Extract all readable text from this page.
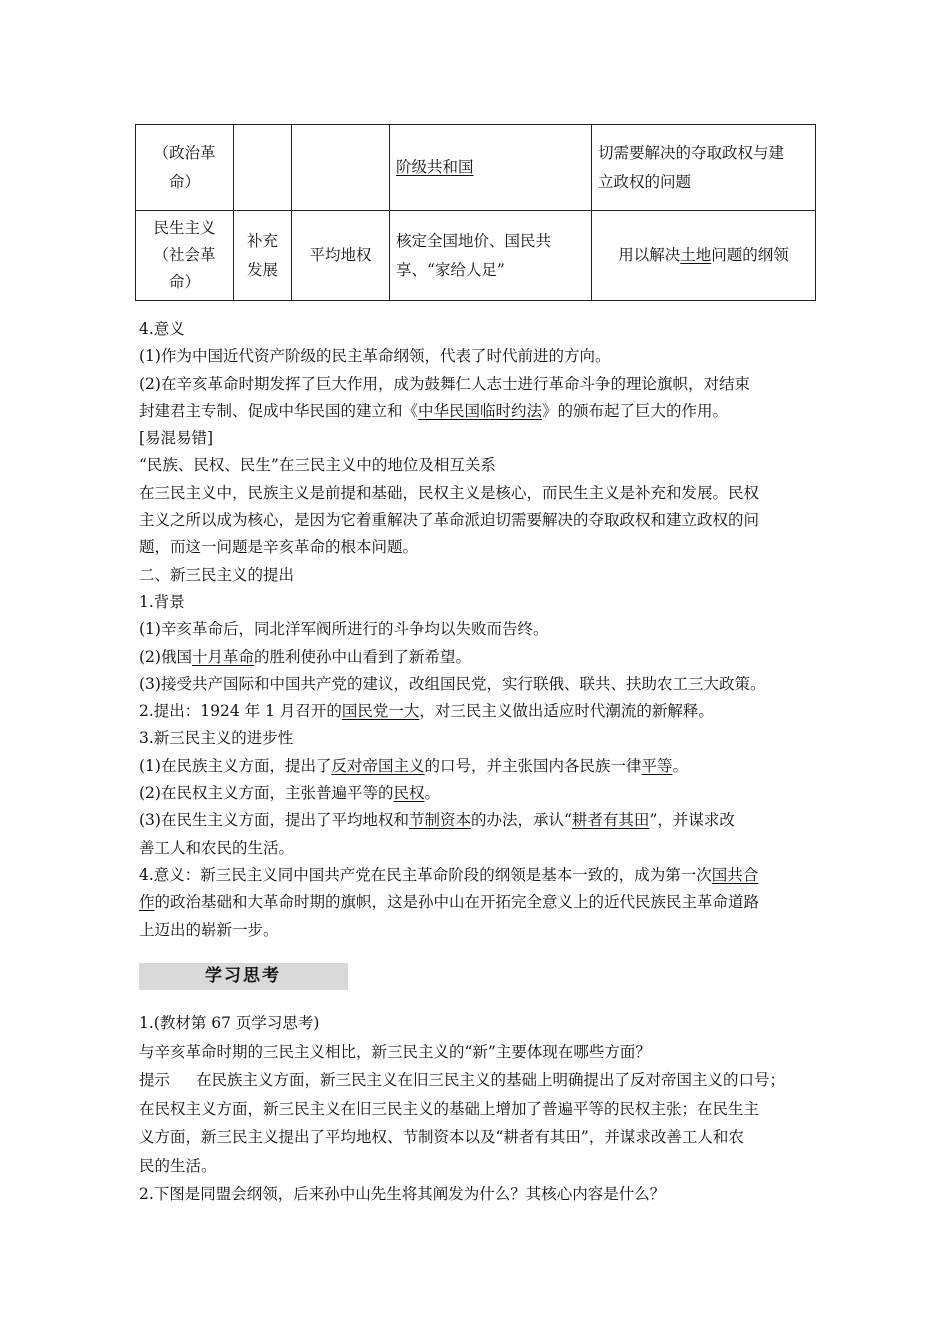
（政治革
命）			阶级共和国	切需要解决的夺取政权与建
立政权的问题
民生主义
（社会革
命）	补充
发展	平均地权	核定全国地价、国民共
享、“家给人足”	用以解决土地问题的纲领

4.意义

(1)作为中国近代资产阶级的民主革命纲领，代表了时代前进的方向。

(2)在辛亥革命时期发挥了巨大作用，成为鼓舞仁人志士进行革命斗争的理论旗帜，对结束

封建君主专制、促成中华民国的建立和《中华民国临时约法》的颁布起了巨大的作用。

[易混易错]

“民族、民权、民生”在三民主义中的地位及相互关系

在三民主义中，民族主义是前提和基础，民权主义是核心，而民生主义是补充和发展。民权

主义之所以成为核心，是因为它着重解决了革命派迫切需要解决的夺取政权和建立政权的问

题，而这一问题是辛亥革命的根本问题。

二、新三民主义的提出

1.背景

(1)辛亥革命后，同北洋军阀所进行的斗争均以失败而告终。

(2)俄国十月革命的胜利使孙中山看到了新希望。

(3)接受共产国际和中国共产党的建议，改组国民党，实行联俄、联共、扶助农工三大政策。

2.提出：1924 年 1 月召开的国民党一大，对三民主义做出适应时代潮流的新解释。

3.新三民主义的进步性

(1)在民族主义方面，提出了反对帝国主义的口号，并主张国内各民族一律平等。

(2)在民权主义方面，主张普遍平等的民权。

(3)在民生主义方面，提出了平均地权和节制资本的办法，承认“耕者有其田”，并谋求改

善工人和农民的生活。

4.意义：新三民主义同中国共产党在民主革命阶段的纲领是基本一致的，成为第一次国共合

作的政治基础和大革命时期的旗帜，这是孙中山在开拓完全意义上的近代民族民主革命道路

上迈出的崭新一步。

学习思考

1.(教材第 67 页学习思考)

与辛亥革命时期的三民主义相比，新三民主义的“新”主要体现在哪些方面？

提示 在民族主义方面，新三民主义在旧三民主义的基础上明确提出了反对帝国主义的口号；

在民权主义方面，新三民主义在旧三民主义的基础上增加了普遍平等的民权主张；在民生主

义方面，新三民主义提出了平均地权、节制资本以及“耕者有其田”，并谋求改善工人和农

民的生活。

2.下图是同盟会纲领，后来孙中山先生将其阐发为什么？其核心内容是什么？
